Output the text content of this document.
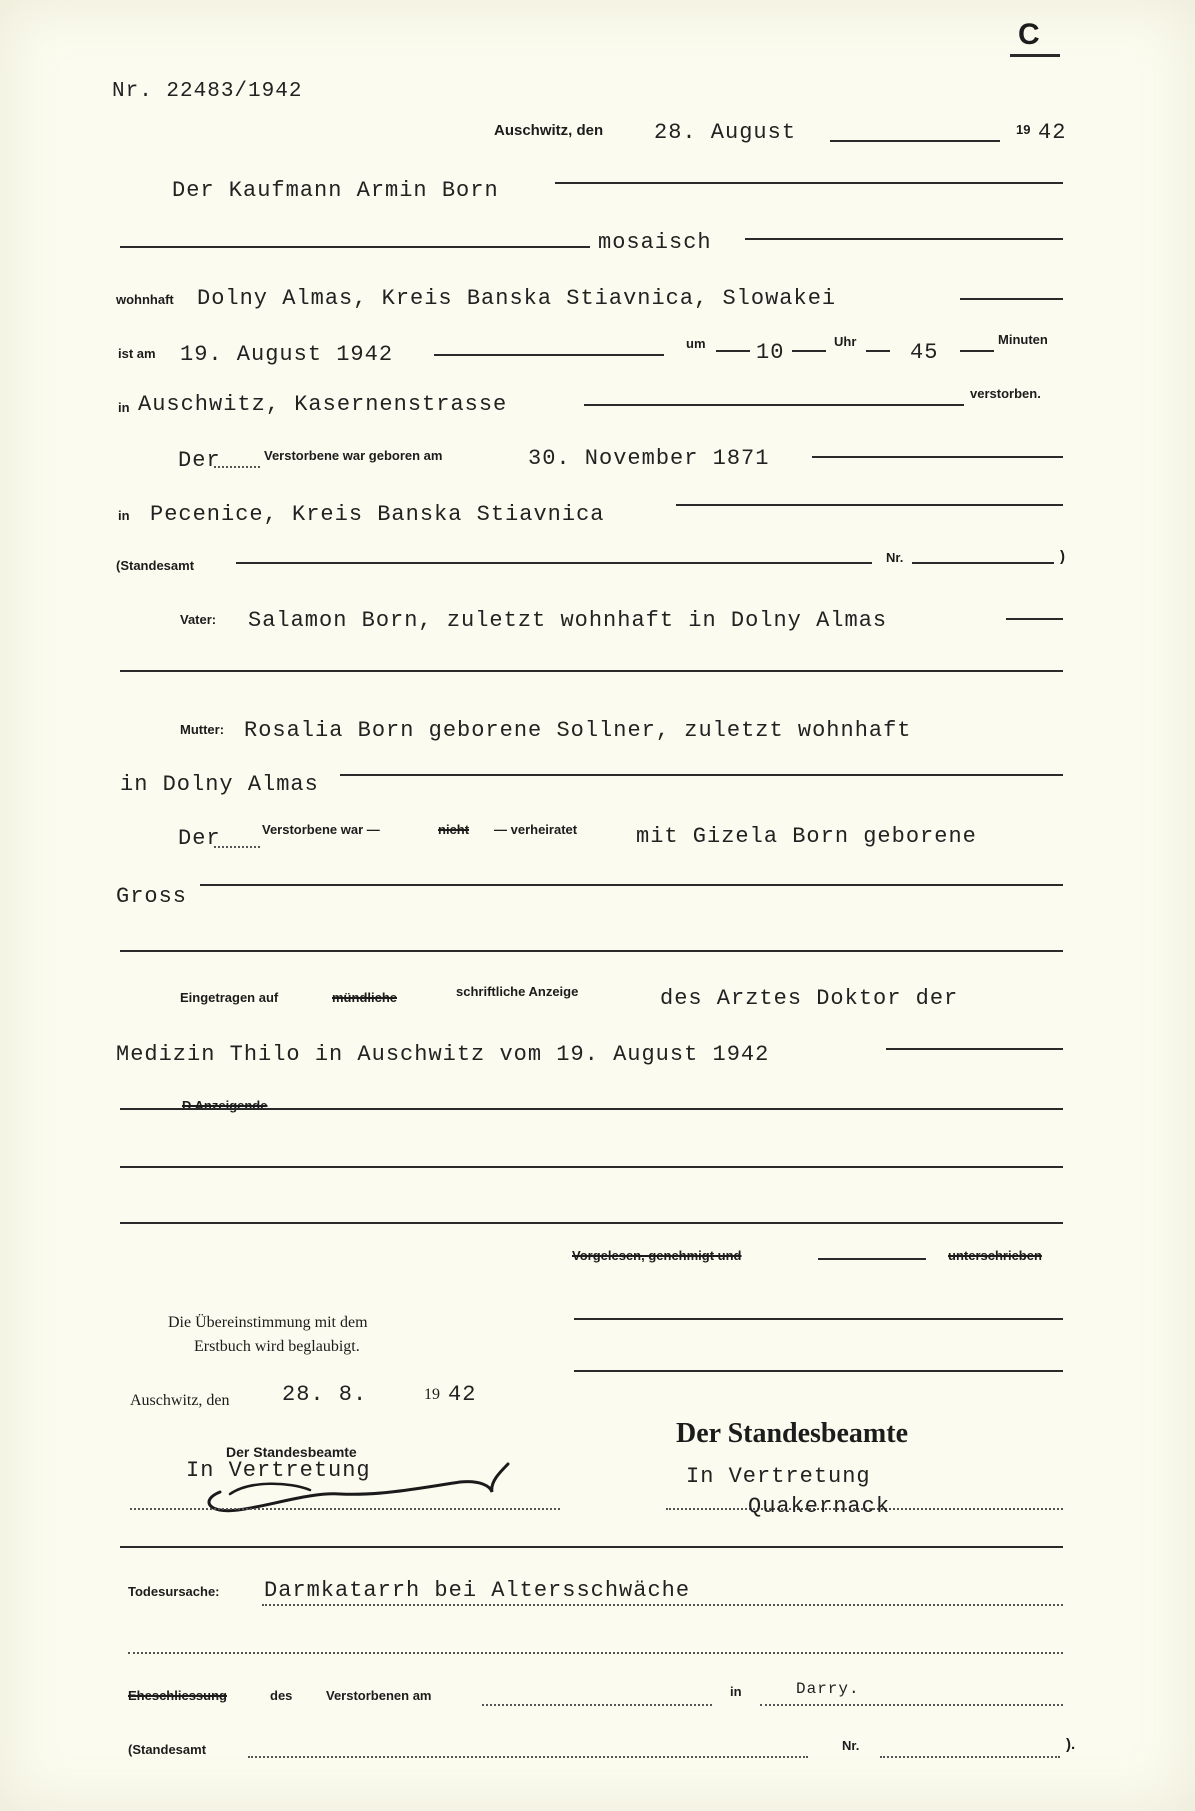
C
Nr. 22483/1942
Auschwitz, den 28. August	19 42
Der Kaufmann Armin Born
mosaisch
wohnhaft Dolny Almas, Kreis Banska Stiavnica, Slowakei
ist am 19. August 1942	um 10	Uhr 45
Minuten
in Auschwitz, Kasernenstrasse	verstorben.
Der	Verstorbene war geboren am	30. November 1871
in Pecenice, Kreis Banska Stiavnica
(Standesamt
Nr.	)
Vater: Salamon Born, zuletzt wohnhaft in Dolny Almas
Mutter: Rosalia Born geborene Sollner, zuletzt wohnhaft
in Dolny Almas
Der	Verstorbene war —	nicht — verheiratet	mit Gizela Born geborene
Gross
Eingetragen auf	mündliche	schriftliche Anzeige	des Arztes Doktor der
Medizin Thilo in Auschwitz vom 19. August 1942
D Anzeigende
Vorgelesen, genehmigt und	unterschrieben
Die Übereinstimmung mit dem
Erstbuch wird beglaubigt.
Auschwitz, den 28. 8.	19 42
Der Standesbeamte
In Vertretung
Der Standesbeamte
In Vertretung
Quakernack
Todesursache: Darmkatarrh bei Altersschwäche
Eheschliessung	des	Verstorbenen am	in	Darry.
(Standesamt	Nr.	).
